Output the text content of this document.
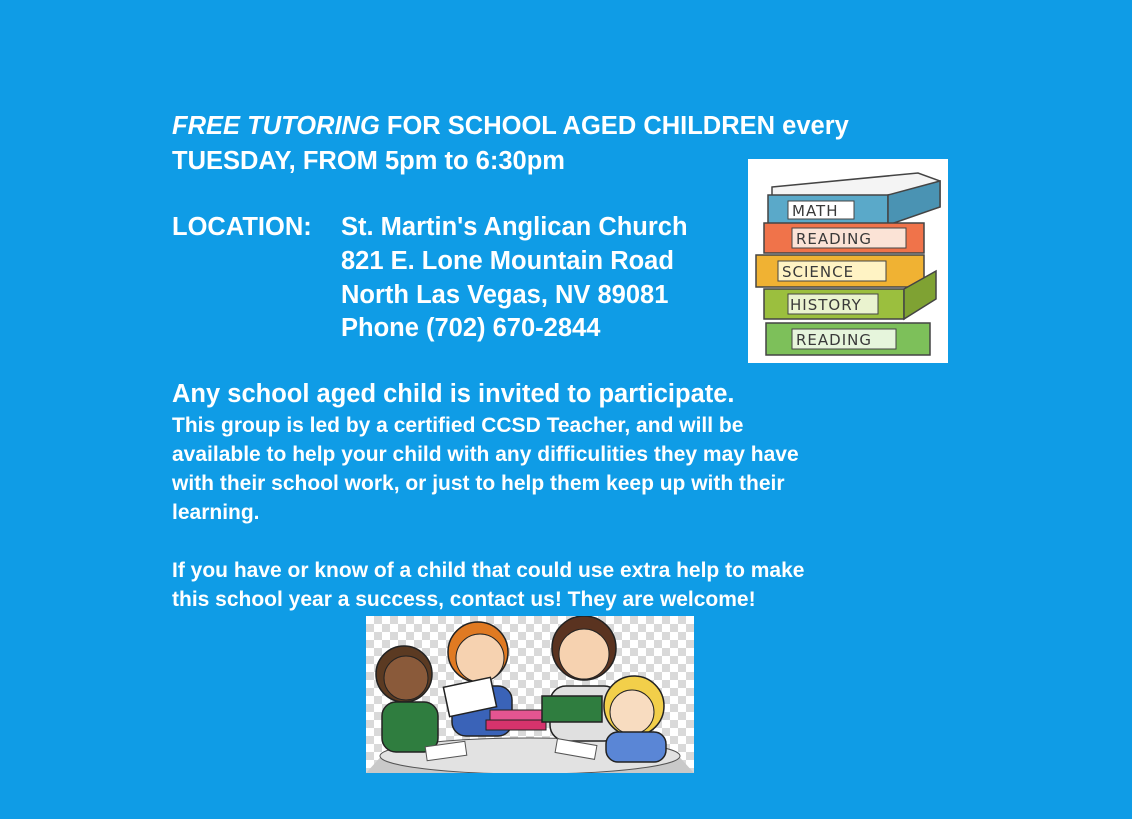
FREE TUTORING FOR SCHOOL AGED CHILDREN every
TUESDAY, FROM 5pm to 6:30pm
LOCATION: St. Martin's Anglican Church
821 E. Lone Mountain Road
North Las Vegas, NV 89081
Phone (702) 670-2844
Any school aged child is invited to participate.
This group is led by a certified CCSD Teacher, and will be
available to help your child with any difficulities they may have
with their school work, or just to help them keep up with their
learning.
If you have or know of a child that could use extra help to make
this school year a success, contact us! They are welcome!
MATH
READING
SCIENCE
HISTORY
READING
